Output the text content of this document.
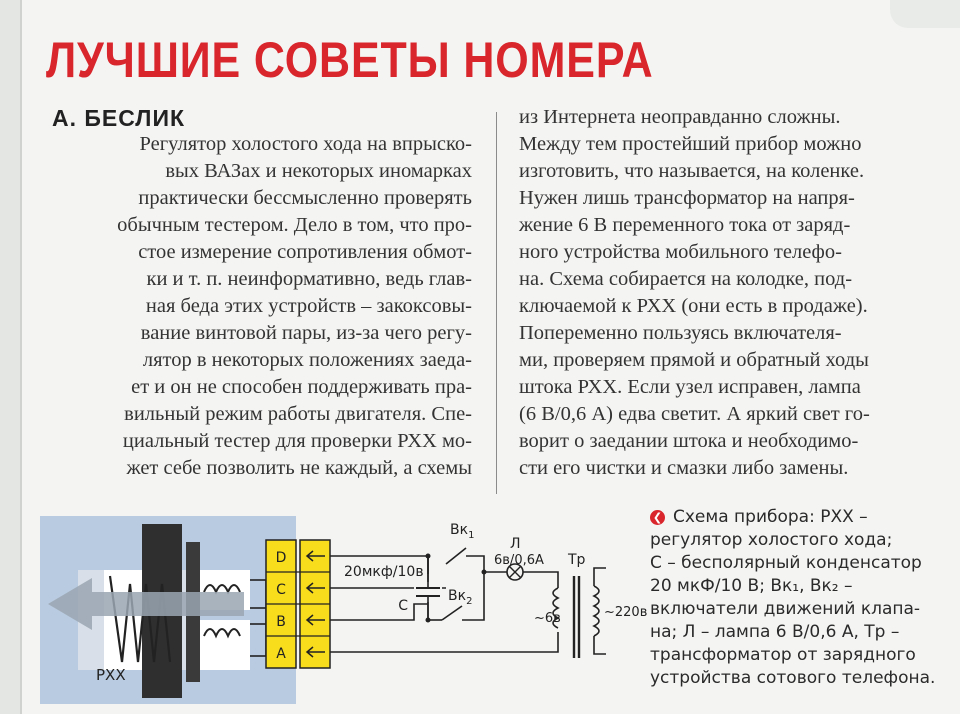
ЛУЧШИЕ СОВЕТЫ НОМЕРА
А. БЕСЛИК
Регулятор холостого хода на впрыско-
вых ВАЗах и некоторых иномарках
практически бессмысленно проверять
обычным тестером. Дело в том, что про-
стое измерение сопротивления обмот-
ки и т. п. неинформативно, ведь глав-
ная беда этих устройств – закоксовы-
вание винтовой пары, из-за чего регу-
лятор в некоторых положениях заеда-
ет и он не способен поддерживать пра-
вильный режим работы двигателя. Спе-
циальный тестер для проверки РХХ мо-
жет себе позволить не каждый, а схемы
из Интернета неоправданно сложны.
Между тем простейший прибор можно
изготовить, что называется, на коленке.
Нужен лишь трансформатор на напря-
жение 6 В переменного тока от заряд-
ного устройства мобильного телефо-
на. Схема собирается на колодке, под-
ключаемой к РХХ (они есть в продаже).
Попеременно пользуясь включателя-
ми, проверяем прямой и обратный ходы
штока РХХ. Если узел исправен, лампа
(6 В/0,6 А) едва светит. А яркий свет го-
ворит о заедании штока и необходимо-
сти его чистки и смазки либо замены.
РХХ
D
C
B
A
20мкф/10в
C
$Вк_1$
$Вк_2$
Л
6в/0,6А Тр
~6в	~220в
❮ Схема прибора: РХХ –
регулятор холостого хода;
С – бесполярный конденсатор
20 мкФ/10 В; Вк₁, Вк₂ –
включатели движений клапа-
на; Л – лампа 6 В/0,6 А, Тр –
трансформатор от зарядного
устройства сотового телефона.
